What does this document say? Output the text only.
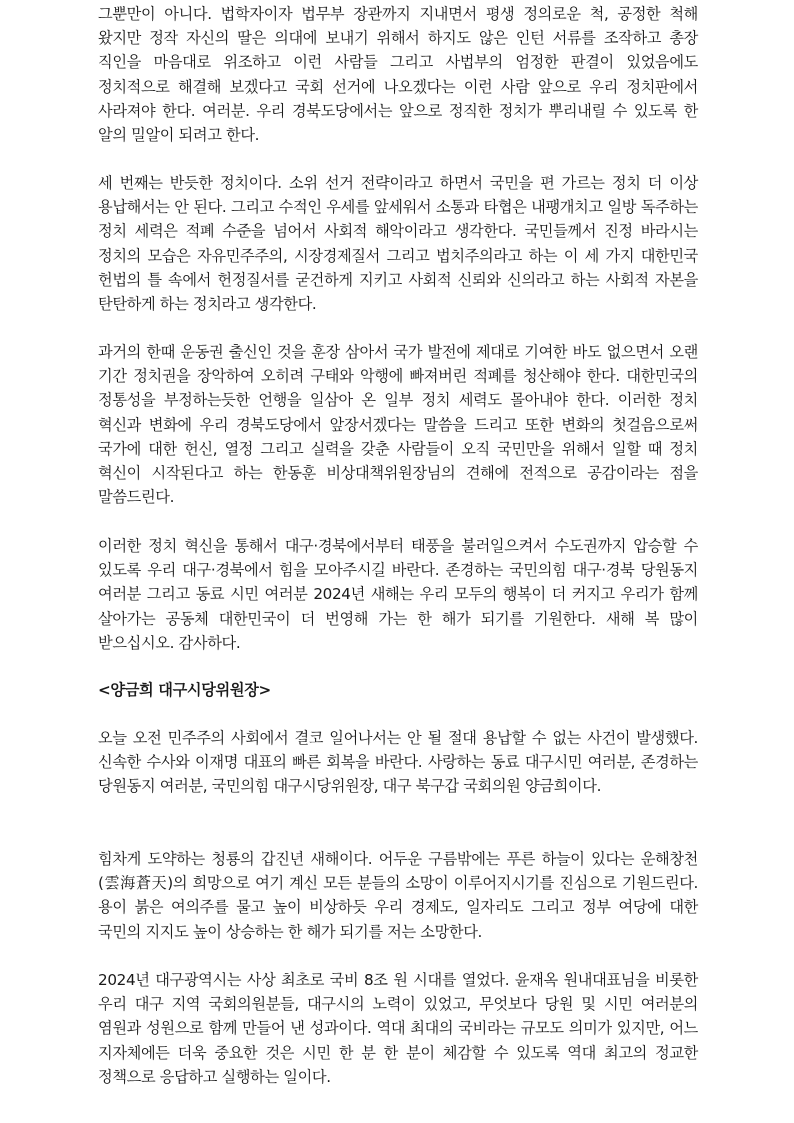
그뿐만이 아니다. 법학자이자 법무부 장관까지 지내면서 평생 정의로운 척, 공정한 척해 왔지만 정작 자신의 딸은 의대에 보내기 위해서 하지도 않은 인턴 서류를 조작하고 총장 직인을 마음대로 위조하고 이런 사람들 그리고 사법부의 엄정한 판결이 있었음에도 정치적으로 해결해 보겠다고 국회 선거에 나오겠다는 이런 사람 앞으로 우리 정치판에서 사라져야 한다. 여러분. 우리 경북도당에서는 앞으로 정직한 정치가 뿌리내릴 수 있도록 한 알의 밀알이 되려고 한다.

세 번째는 반듯한 정치이다. 소위 선거 전략이라고 하면서 국민을 편 가르는 정치 더 이상 용납해서는 안 된다. 그리고 수적인 우세를 앞세워서 소통과 타협은 내팽개치고 일방 독주하는 정치 세력은 적폐 수준을 넘어서 사회적 해악이라고 생각한다. 국민들께서 진정 바라시는 정치의 모습은 자유민주주의, 시장경제질서 그리고 법치주의라고 하는 이 세 가지 대한민국 헌법의 틀 속에서 헌정질서를 굳건하게 지키고 사회적 신뢰와 신의라고 하는 사회적 자본을 탄탄하게 하는 정치라고 생각한다.

과거의 한때 운동권 출신인 것을 훈장 삼아서 국가 발전에 제대로 기여한 바도 없으면서 오랜 기간 정치권을 장악하여 오히려 구태와 악행에 빠져버린 적폐를 청산해야 한다. 대한민국의 정통성을 부정하는듯한 언행을 일삼아 온 일부 정치 세력도 몰아내야 한다. 이러한 정치 혁신과 변화에 우리 경북도당에서 앞장서겠다는 말씀을 드리고 또한 변화의 첫걸음으로써 국가에 대한 헌신, 열정 그리고 실력을 갖춘 사람들이 오직 국민만을 위해서 일할 때 정치 혁신이 시작된다고 하는 한동훈 비상대책위원장님의 견해에 전적으로 공감이라는 점을 말씀드린다.

이러한 정치 혁신을 통해서 대구·경북에서부터 태풍을 불러일으켜서 수도권까지 압승할 수 있도록 우리 대구·경북에서 힘을 모아주시길 바란다. 존경하는 국민의힘 대구·경북 당원동지 여러분 그리고 동료 시민 여러분 2024년 새해는 우리 모두의 행복이 더 커지고 우리가 함께 살아가는 공동체 대한민국이 더 번영해 가는 한 해가 되기를 기원한다. 새해 복 많이 받으십시오. 감사하다.

<양금희 대구시당위원장>

오늘 오전 민주주의 사회에서 결코 일어나서는 안 될 절대 용납할 수 없는 사건이 발생했다. 신속한 수사와 이재명 대표의 빠른 회복을 바란다. 사랑하는 동료 대구시민 여러분, 존경하는 당원동지 여러분, 국민의힘 대구시당위원장, 대구 북구갑 국회의원 양금희이다.

힘차게 도약하는 청룡의 갑진년 새해이다. 어두운 구름밖에는 푸른 하늘이 있다는 운해창천(雲海蒼天)의 희망으로 여기 계신 모든 분들의 소망이 이루어지시기를 진심으로 기원드린다. 용이 붉은 여의주를 물고 높이 비상하듯 우리 경제도, 일자리도 그리고 정부 여당에 대한 국민의 지지도 높이 상승하는 한 해가 되기를 저는 소망한다.

2024년 대구광역시는 사상 최초로 국비 8조 원 시대를 열었다. 윤재옥 원내대표님을 비롯한 우리 대구 지역 국회의원분들, 대구시의 노력이 있었고, 무엇보다 당원 및 시민 여러분의 염원과 성원으로 함께 만들어 낸 성과이다. 역대 최대의 국비라는 규모도 의미가 있지만, 어느 지자체에든 더욱 중요한 것은 시민 한 분 한 분이 체감할 수 있도록 역대 최고의 정교한 정책으로 응답하고 실행하는 일이다.
